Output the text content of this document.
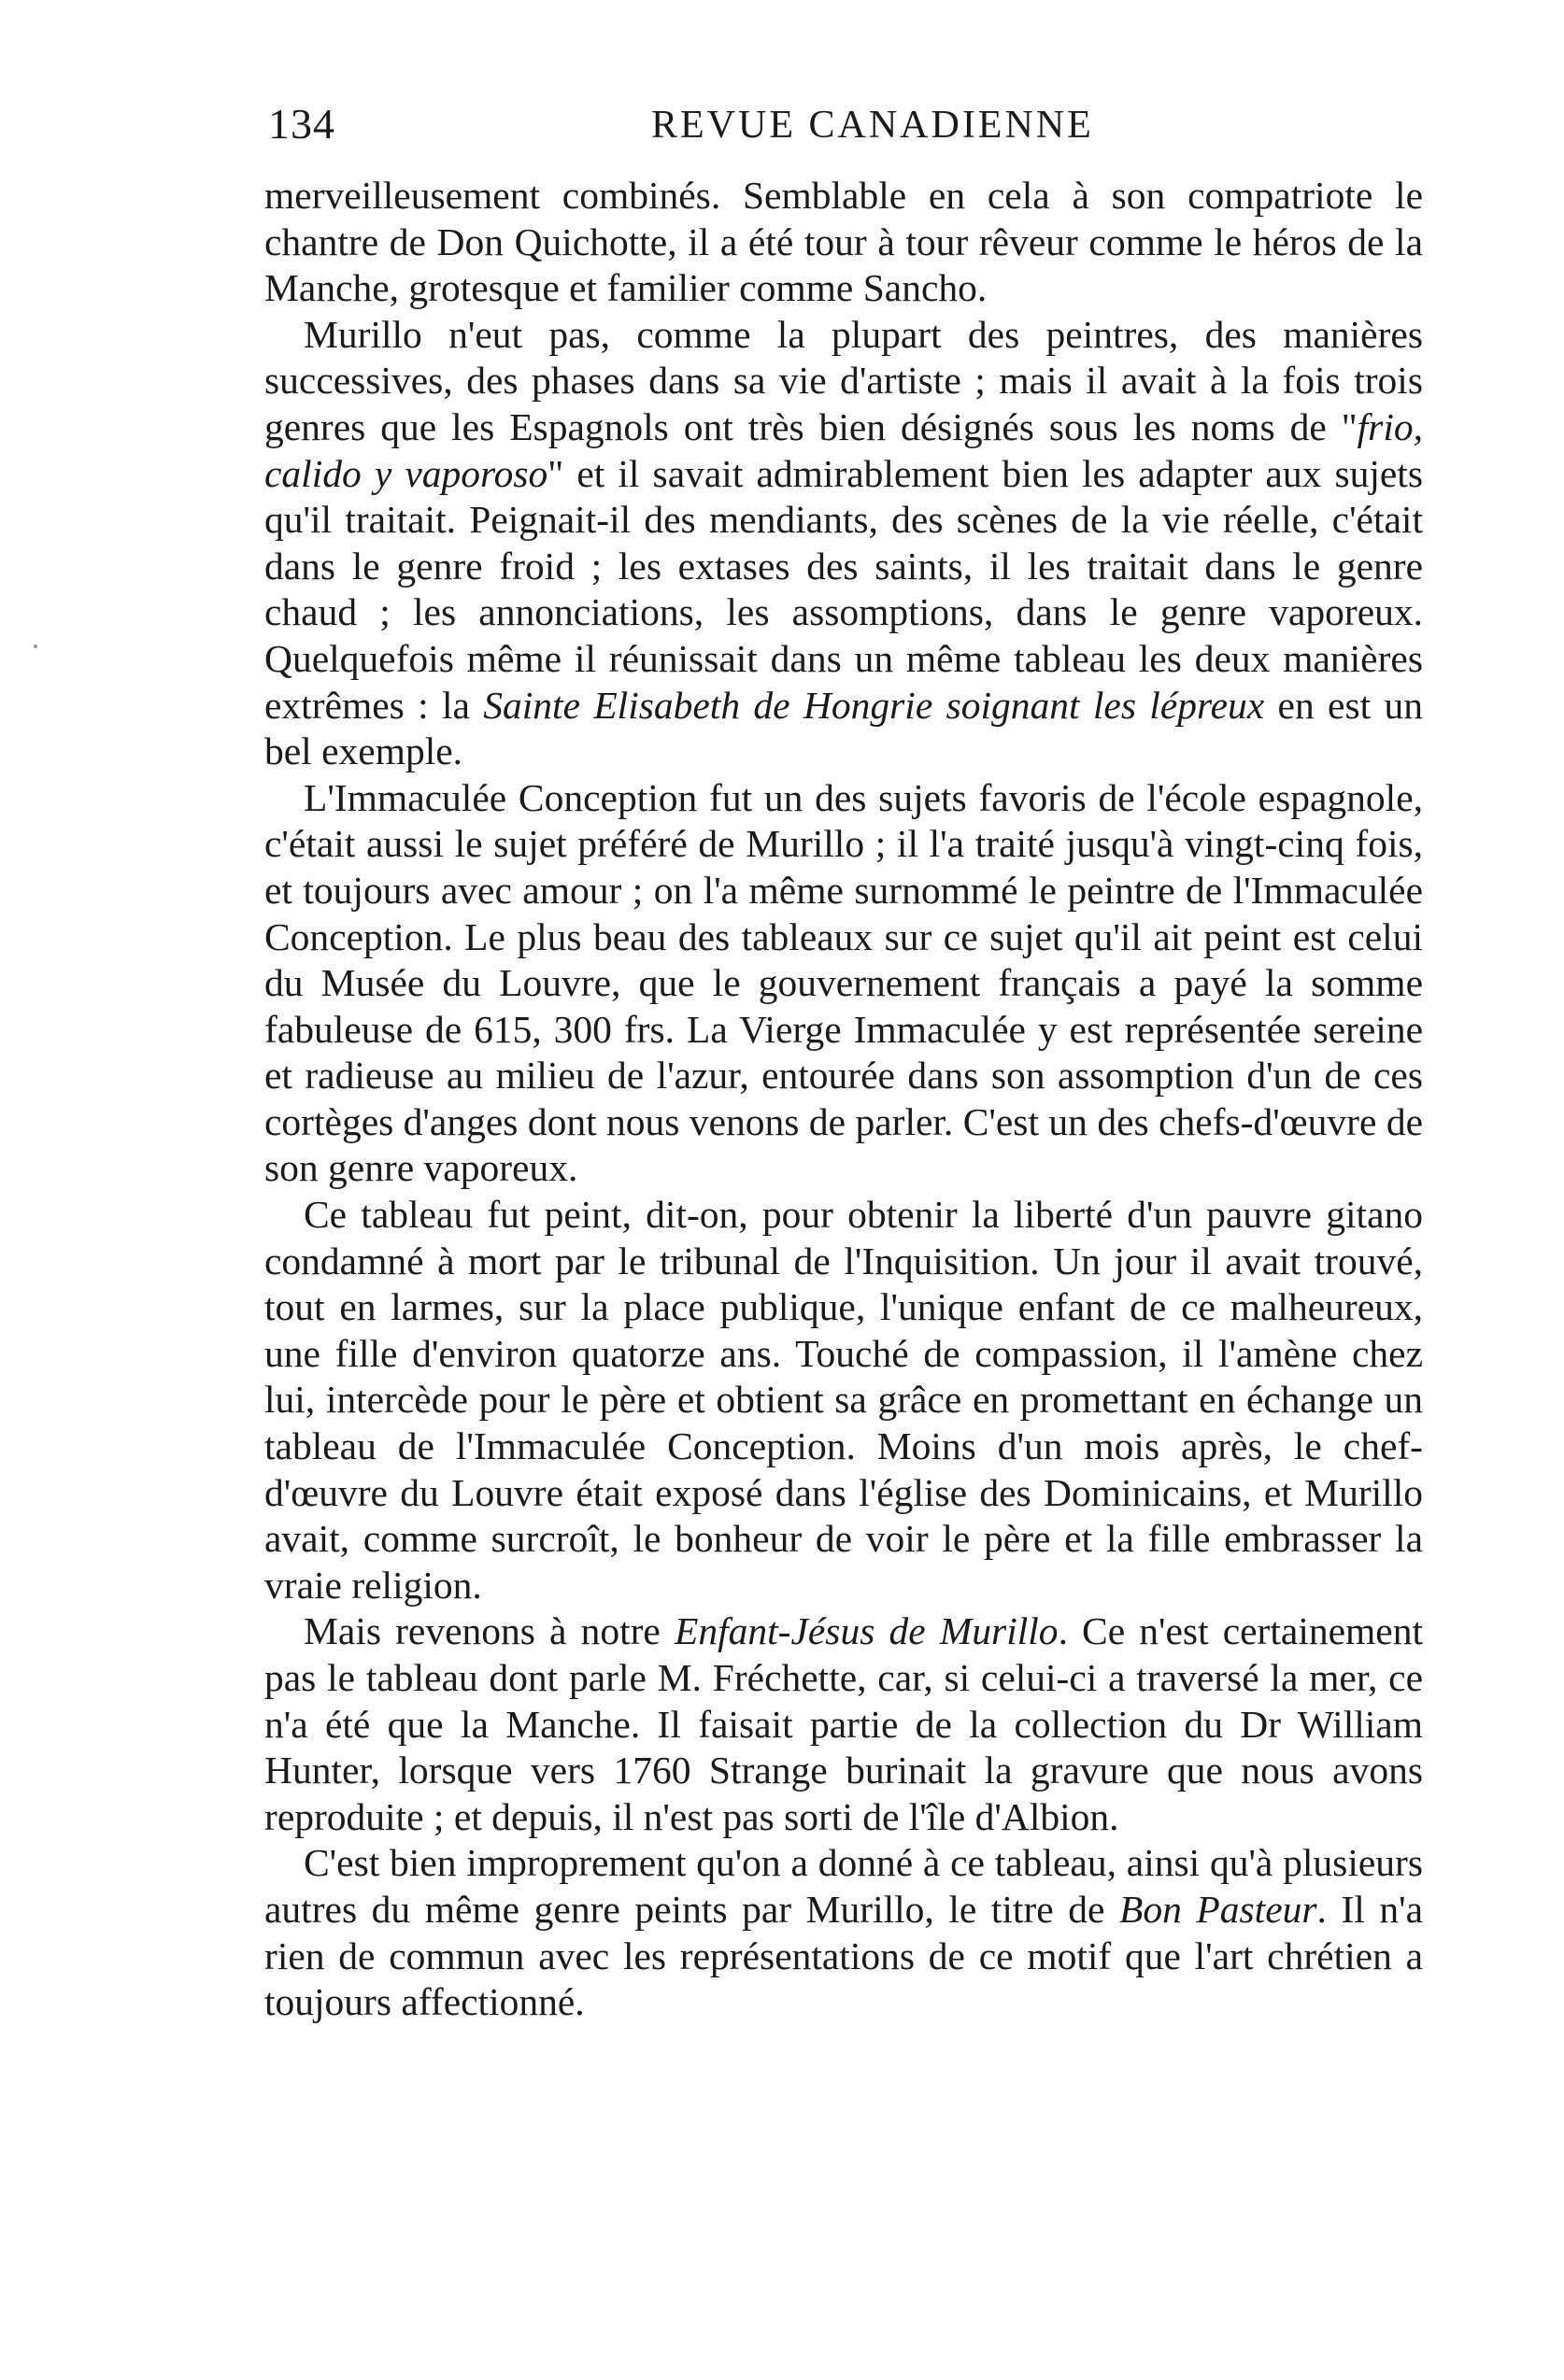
134	REVUE CANADIENNE

merveilleusement combinés. Semblable en cela à son compatriote le chantre de Don Quichotte, il a été tour à tour rêveur comme le héros de la Manche, grotesque et familier comme Sancho.

Murillo n'eut pas, comme la plupart des peintres, des manières successives, des phases dans sa vie d'artiste ; mais il avait à la fois trois genres que les Espagnols ont très bien désignés sous les noms de "frio, calido y vaporoso" et il savait admirablement bien les adapter aux sujets qu'il traitait. Peignait-il des mendiants, des scènes de la vie réelle, c'était dans le genre froid ; les extases des saints, il les traitait dans le genre chaud ; les annonciations, les assomptions, dans le genre vaporeux. Quelquefois même il réunissait dans un même tableau les deux manières extrêmes : la Sainte Elisabeth de Hongrie soignant les lépreux en est un bel exemple.

L'Immaculée Conception fut un des sujets favoris de l'école espagnole, c'était aussi le sujet préféré de Murillo ; il l'a traité jusqu'à vingt-cinq fois, et toujours avec amour ; on l'a même surnommé le peintre de l'Immaculée Conception. Le plus beau des tableaux sur ce sujet qu'il ait peint est celui du Musée du Louvre, que le gouvernement français a payé la somme fabuleuse de 615, 300 frs. La Vierge Immaculée y est représentée sereine et radieuse au milieu de l'azur, entourée dans son assomption d'un de ces cortèges d'anges dont nous venons de parler. C'est un des chefs-d'œuvre de son genre vaporeux.

Ce tableau fut peint, dit-on, pour obtenir la liberté d'un pauvre gitano condamné à mort par le tribunal de l'Inquisition. Un jour il avait trouvé, tout en larmes, sur la place publique, l'unique enfant de ce malheureux, une fille d'environ quatorze ans. Touché de compassion, il l'amène chez lui, intercède pour le père et obtient sa grâce en promettant en échange un tableau de l'Immaculée Conception. Moins d'un mois après, le chef-d'œuvre du Louvre était exposé dans l'église des Dominicains, et Murillo avait, comme surcroît, le bonheur de voir le père et la fille embrasser la vraie religion.

Mais revenons à notre Enfant-Jésus de Murillo. Ce n'est certainement pas le tableau dont parle M. Fréchette, car, si celui-ci a traversé la mer, ce n'a été que la Manche. Il faisait partie de la collection du Dr William Hunter, lorsque vers 1760 Strange burinait la gravure que nous avons reproduite ; et depuis, il n'est pas sorti de l'île d'Albion.

C'est bien improprement qu'on a donné à ce tableau, ainsi qu'à plusieurs autres du même genre peints par Murillo, le titre de Bon Pasteur. Il n'a rien de commun avec les représentations de ce motif que l'art chrétien a toujours affectionné.
